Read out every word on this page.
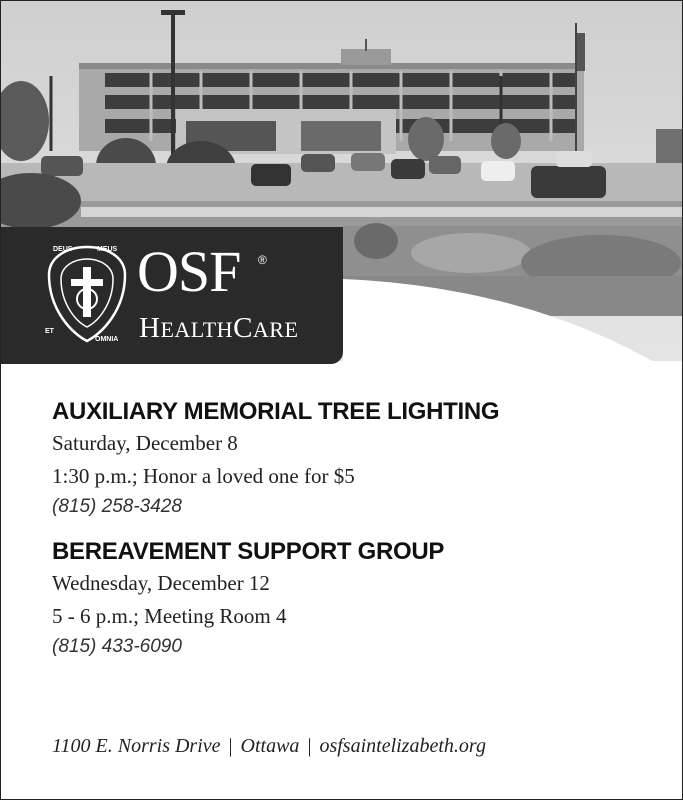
DEUS	MEUS
ET
OMNIA
OSF ®
HEALTHCARE
AUXILIARY MEMORIAL TREE LIGHTING
Saturday, December 8
1:30 p.m.; Honor a loved one for $5
(815) 258-3428
BEREAVEMENT SUPPORT GROUP
Wednesday, December 12
5 - 6 p.m.; Meeting Room 4
(815) 433-6090
1100 E. Norris Drive | Ottawa | osfsaintelizabeth.org
